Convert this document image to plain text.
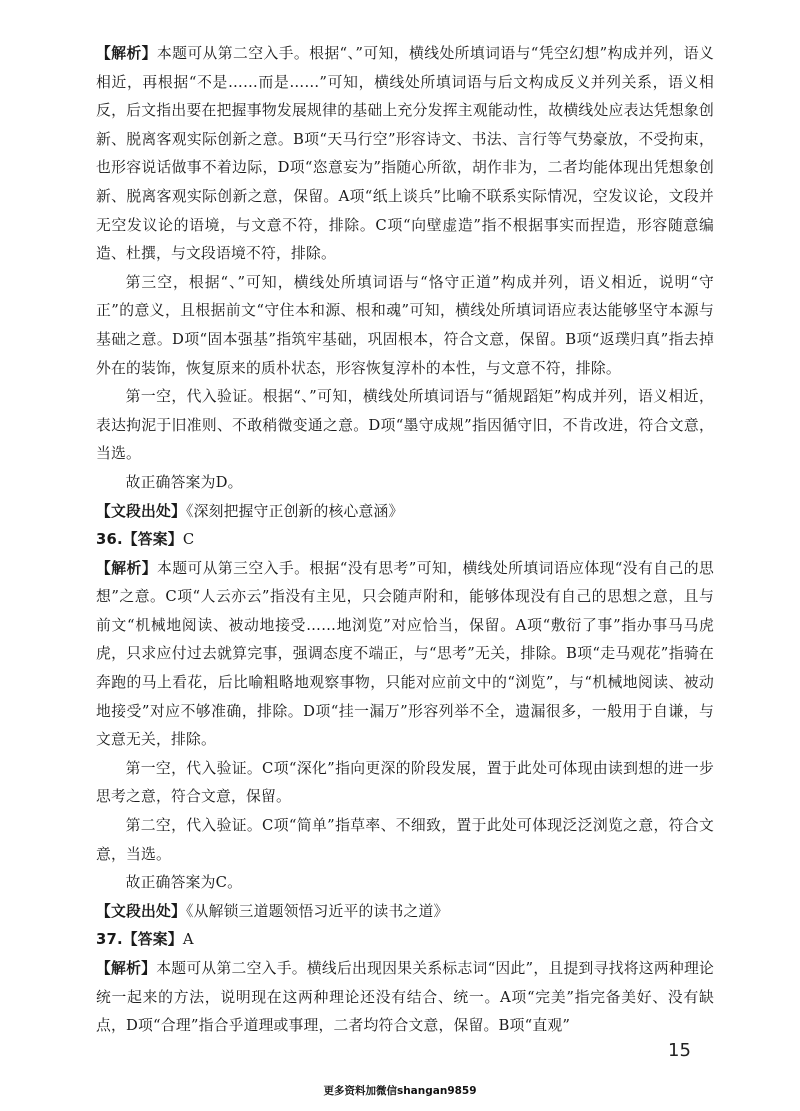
【解析】本题可从第二空入手。根据“、”可知，横线处所填词语与“凭空幻想”构成并列，语义相近，再根据“不是……而是……”可知，横线处所填词语与后文构成反义并列关系，语义相反，后文指出要在把握事物发展规律的基础上充分发挥主观能动性，故横线处应表达凭想象创新、脱离客观实际创新之意。B项“天马行空”形容诗文、书法、言行等气势豪放，不受拘束，也形容说话做事不着边际，D项“恣意妄为”指随心所欲，胡作非为，二者均能体现出凭想象创新、脱离客观实际创新之意，保留。A项“纸上谈兵”比喻不联系实际情况，空发议论，文段并无空发议论的语境，与文意不符，排除。C项“向壁虚造”指不根据事实而捏造，形容随意编造、杜撰，与文段语境不符，排除。

第三空，根据“、”可知，横线处所填词语与“恪守正道”构成并列，语义相近，说明“守正”的意义，且根据前文“守住本和源、根和魂”可知，横线处所填词语应表达能够坚守本源与基础之意。D项“固本强基”指筑牢基础，巩固根本，符合文意，保留。B项“返璞归真”指去掉外在的装饰，恢复原来的质朴状态，形容恢复淳朴的本性，与文意不符，排除。

第一空，代入验证。根据“、”可知，横线处所填词语与“循规蹈矩”构成并列，语义相近，表达拘泥于旧准则、不敢稍微变通之意。D项“墨守成规”指因循守旧，不肯改进，符合文意，当选。

故正确答案为D。

【文段出处】《深刻把握守正创新的核心意涵》

36.【答案】C

【解析】本题可从第三空入手。根据“没有思考”可知，横线处所填词语应体现“没有自己的思想”之意。C项“人云亦云”指没有主见，只会随声附和，能够体现没有自己的思想之意，且与前文“机械地阅读、被动地接受……地浏览”对应恰当，保留。A项“敷衍了事”指办事马马虎虎，只求应付过去就算完事，强调态度不端正，与“思考”无关，排除。B项“走马观花”指骑在奔跑的马上看花，后比喻粗略地观察事物，只能对应前文中的“浏览”，与“机械地阅读、被动地接受”对应不够准确，排除。D项“挂一漏万”形容列举不全，遗漏很多，一般用于自谦，与文意无关，排除。

第一空，代入验证。C项“深化”指向更深的阶段发展，置于此处可体现由读到想的进一步思考之意，符合文意，保留。

第二空，代入验证。C项“简单”指草率、不细致，置于此处可体现泛泛浏览之意，符合文意，当选。

故正确答案为C。

【文段出处】《从解锁三道题领悟习近平的读书之道》

37.【答案】A

【解析】本题可从第二空入手。横线后出现因果关系标志词“因此”，且提到寻找将这两种理论统一起来的方法，说明现在这两种理论还没有结合、统一。A项“完美”指完备美好、没有缺点，D项“合理”指合乎道理或事理，二者均符合文意，保留。B项“直观”

15
更多资料加微信shangan9859
